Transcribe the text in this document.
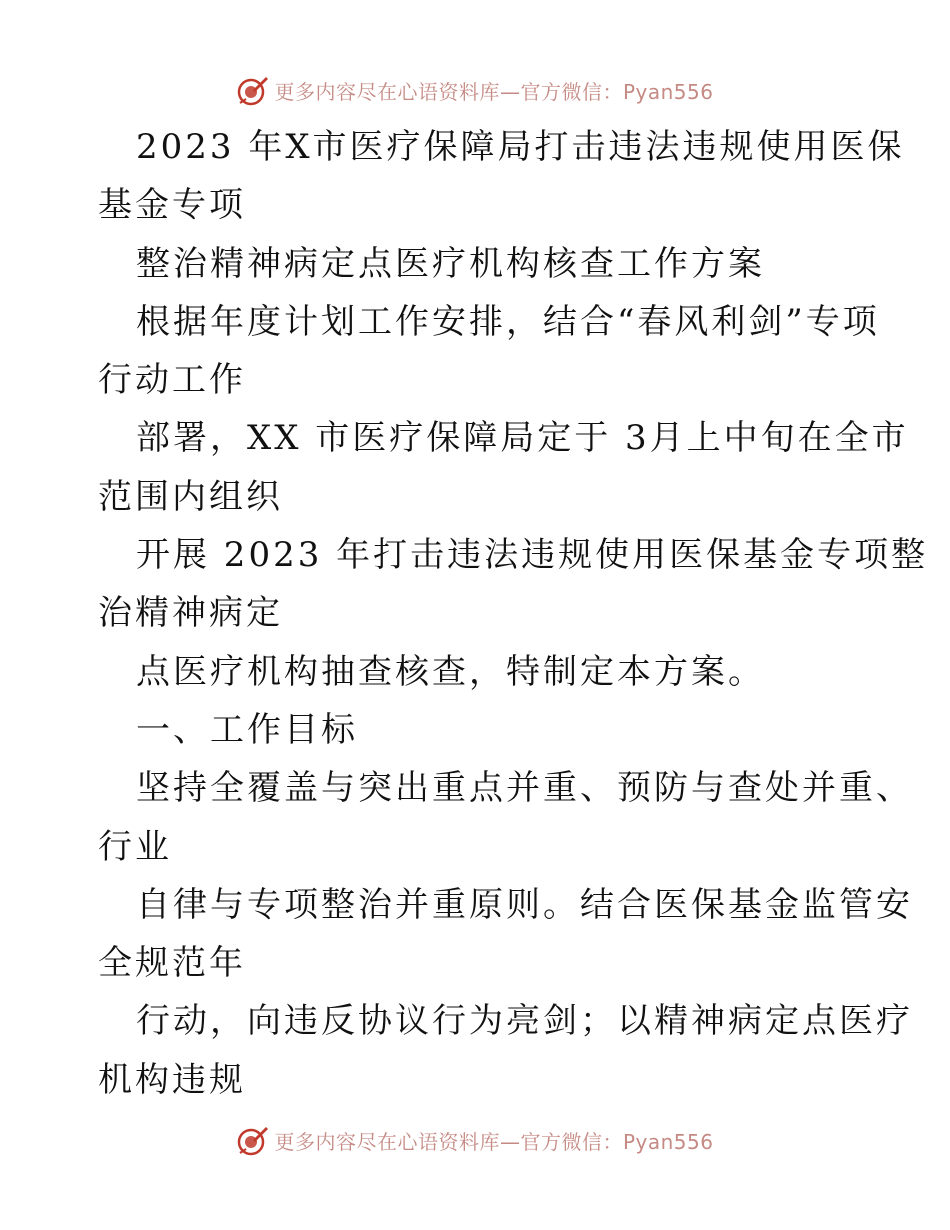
更多内容尽在心语资料库—官方微信：Pyan556
2023 年X市医疗保障局打击违法违规使用医保
基金专项
整治精神病定点医疗机构核查工作方案
根据年度计划工作安排，结合“春风利剑”专项
行动工作
部署，XX 市医疗保障局定于 3月上中旬在全市
范围内组织
开展 2023 年打击违法违规使用医保基金专项整
治精神病定
点医疗机构抽查核查，特制定本方案。
一、工作目标
坚持全覆盖与突出重点并重、预防与查处并重、
行业
自律与专项整治并重原则。结合医保基金监管安
全规范年
行动，向违反协议行为亮剑；以精神病定点医疗
机构违规
更多内容尽在心语资料库—官方微信：Pyan556
